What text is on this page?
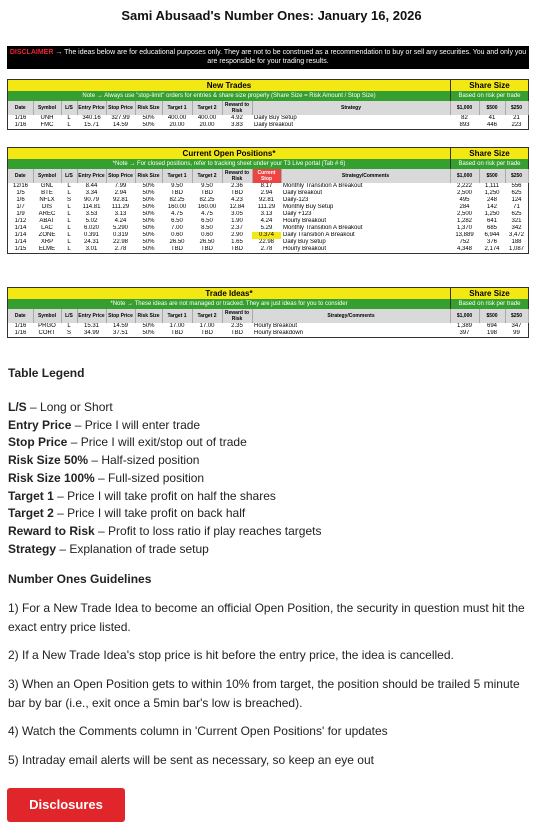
Sami Abusaad's Number Ones: January 16, 2026
DISCLAIMER → The ideas below are for educational purposes only. They are not to be construed as a recommendation to buy or sell any securities. You and only you are responsible for your trading results.
New Trades	Share Size
Note → Always use "stop-limit" orders for entries & share size properly (Share Size = Risk Amount / Stop Size)	Based on risk per trade
Date	Symbol	L/S	Entry Price	Stop Price	Risk Size	Target 1	Target 2	Reward to Risk	Strategy	$1,000	$500	$250
1/16	UNH	L	340.16	327.99	50%	400.00	400.00	4.92	Daily Buy Setup	82	41	21
1/16	FMC	L	15.71	14.59	50%	20.00	20.00	3.83	Daily Breakout	893	446	223
Current Open Positions*	Share Size
*Note → For closed positions, refer to tracking sheet under your T3 Live portal (Tab # 6)	Based on risk per trade
Date	Symbol	L/S	Entry Price	Stop Price	Risk Size	Target 1	Target 2	Reward to Risk	Current Stop	Strategy/Comments	$1,000	$500	$250
12/16	GNL	L	8.44	7.99	50%	9.50	9.50	2.36	8.17	Monthly Transition A Breakout	2,222	1,111	556
1/5	BTE	L	3.34	2.94	50%	TBD	TBD	TBD	2.94	Daily Breakout	2,500	1,250	625
1/6	NFLX	S	90.79	92.81	50%	82.25	82.25	4.23	92.81	Daily-123	495	248	124
1/7	DIS	L	114.81	111.29	50%	160.00	160.00	12.84	111.29	Monthly Buy Setup	284	142	71
1/9	AREC	L	3.53	3.13	50%	4.75	4.75	3.05	3.13	Daily +123	2,500	1,250	625
1/12	ABAT	L	5.02	4.24	50%	6.50	6.50	1.90	4.24	Hourly Breakout	1,282	641	321
1/14	LAC	L	6.020	5.290	50%	7.00	8.50	2.37	5.29	Monthly Transition A Breakout	1,370	685	342
1/14	ZONE	L	0.391	0.319	50%	0.60	0.60	2.90	0.374	Daily Transition A Breakout	13,889	6,944	3,472
1/14	XRP	L	24.31	22.98	50%	26.50	26.50	1.65	22.98	Daily Buy Setup	752	376	188
1/15	ELME	L	3.01	2.78	50%	TBD	TBD	TBD	2.78	Hourly Breakout	4,348	2,174	1,087
Trade Ideas*	Share Size
*Note → These ideas are not managed or tracked. They are just ideas for you to consider	Based on risk per trade
Date	Symbol	L/S	Entry Price	Stop Price	Risk Size	Target 1	Target 2	Reward to Risk	Strategy/Comments	$1,000	$500	$250
1/16	PRGO	L	15.31	14.59	50%	17.00	17.00	2.35	Hourly Breakout	1,389	694	347
1/16	CORT	S	34.99	37.51	50%	TBD	TBD	TBD	Hourly Breakdown	397	198	99
Table Legend
L/S – Long or Short
Entry Price – Price I will enter trade
Stop Price – Price I will exit/stop out of trade
Risk Size 50% – Half-sized position
Risk Size 100% – Full-sized position
Target 1 – Price I will take profit on half the shares
Target 2 – Price I will take profit on back half
Reward to Risk – Profit to loss ratio if play reaches targets
Strategy – Explanation of trade setup
Number Ones Guidelines

1) For a New Trade Idea to become an official Open Position, the security in question must hit the exact entry price listed.

2) If a New Trade Idea's stop price is hit before the entry price, the idea is cancelled.

3) When an Open Position gets to within 10% from target, the position should be trailed 5 minute bar by bar (i.e., exit once a 5min bar's low is breached).

4) Watch the Comments column in 'Current Open Positions' for updates

5) Intraday email alerts will be sent as necessary, so keep an eye out

Disclosures
